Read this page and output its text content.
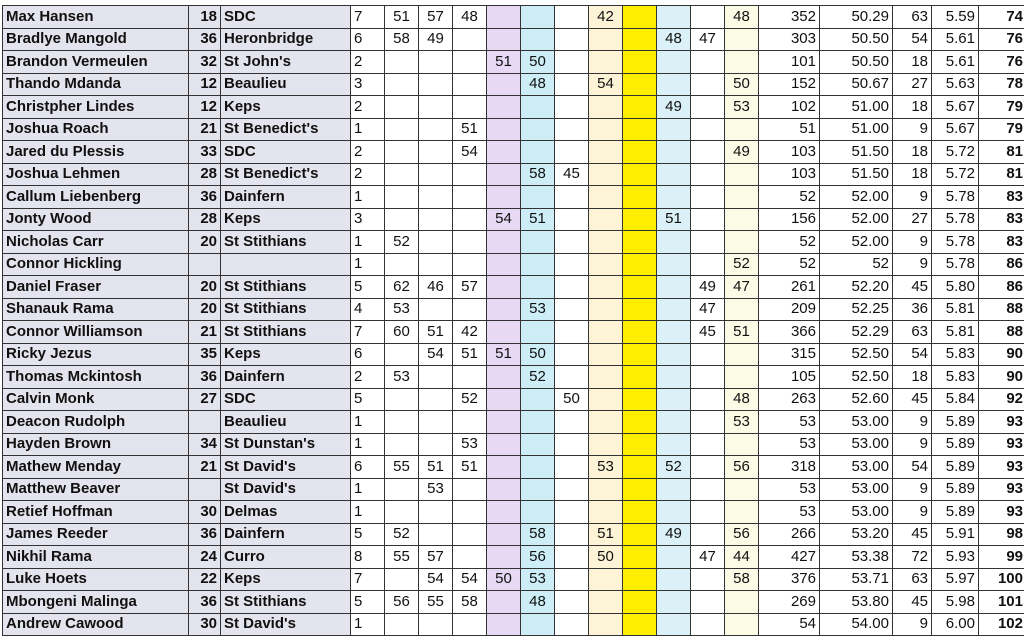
Max Hansen	18	SDC	7	51	57	48				42				48	352	50.29	63	5.59	74
Bradlye Mangold	36	Heronbridge	6	58	49							48	47		303	50.50	54	5.61	76
Brandon Vermeulen	32	St John's	2				51	50							101	50.50	18	5.61	76
Thando Mdanda	12	Beaulieu	3					48		54				50	152	50.67	27	5.63	78
Christpher Lindes	12	Keps	2									49		53	102	51.00	18	5.67	79
Joshua Roach	21	St Benedict's	1			51									51	51.00	9	5.67	79
Jared du Plessis	33	SDC	2			54								49	103	51.50	18	5.72	81
Joshua Lehmen	28	St Benedict's	2					58	45						103	51.50	18	5.72	81
Callum Liebenberg	36	Dainfern	1												52	52.00	9	5.78	83
Jonty Wood	28	Keps	3				54	51				51			156	52.00	27	5.78	83
Nicholas Carr	20	St Stithians	1	52											52	52.00	9	5.78	83
Connor Hickling			1											52	52	52	9	5.78	86
Daniel Fraser	20	St Stithians	5	62	46	57							49	47	261	52.20	45	5.80	86
Shanauk Rama	20	St Stithians	4	53				53					47		209	52.25	36	5.81	88
Connor Williamson	21	St Stithians	7	60	51	42							45	51	366	52.29	63	5.81	88
Ricky Jezus	35	Keps	6		54	51	51	50							315	52.50	54	5.83	90
Thomas Mckintosh	36	Dainfern	2	53				52							105	52.50	18	5.83	90
Calvin Monk	27	SDC	5			52			50					48	263	52.60	45	5.84	92
Deacon Rudolph		Beaulieu	1											53	53	53.00	9	5.89	93
Hayden Brown	34	St Dunstan's	1			53									53	53.00	9	5.89	93
Mathew Menday	21	St David's	6	55	51	51				53		52		56	318	53.00	54	5.89	93
Matthew Beaver		St David's	1		53										53	53.00	9	5.89	93
Retief Hoffman	30	Delmas	1												53	53.00	9	5.89	93
James Reeder	36	Dainfern	5	52				58		51		49		56	266	53.20	45	5.91	98
Nikhil Rama	24	Curro	8	55	57			56		50			47	44	427	53.38	72	5.93	99
Luke Hoets	22	Keps	7		54	54	50	53						58	376	53.71	63	5.97	100
Mbongeni Malinga	36	St Stithians	5	56	55	58		48							269	53.80	45	5.98	101
Andrew Cawood	30	St David's	1												54	54.00	9	6.00	102
